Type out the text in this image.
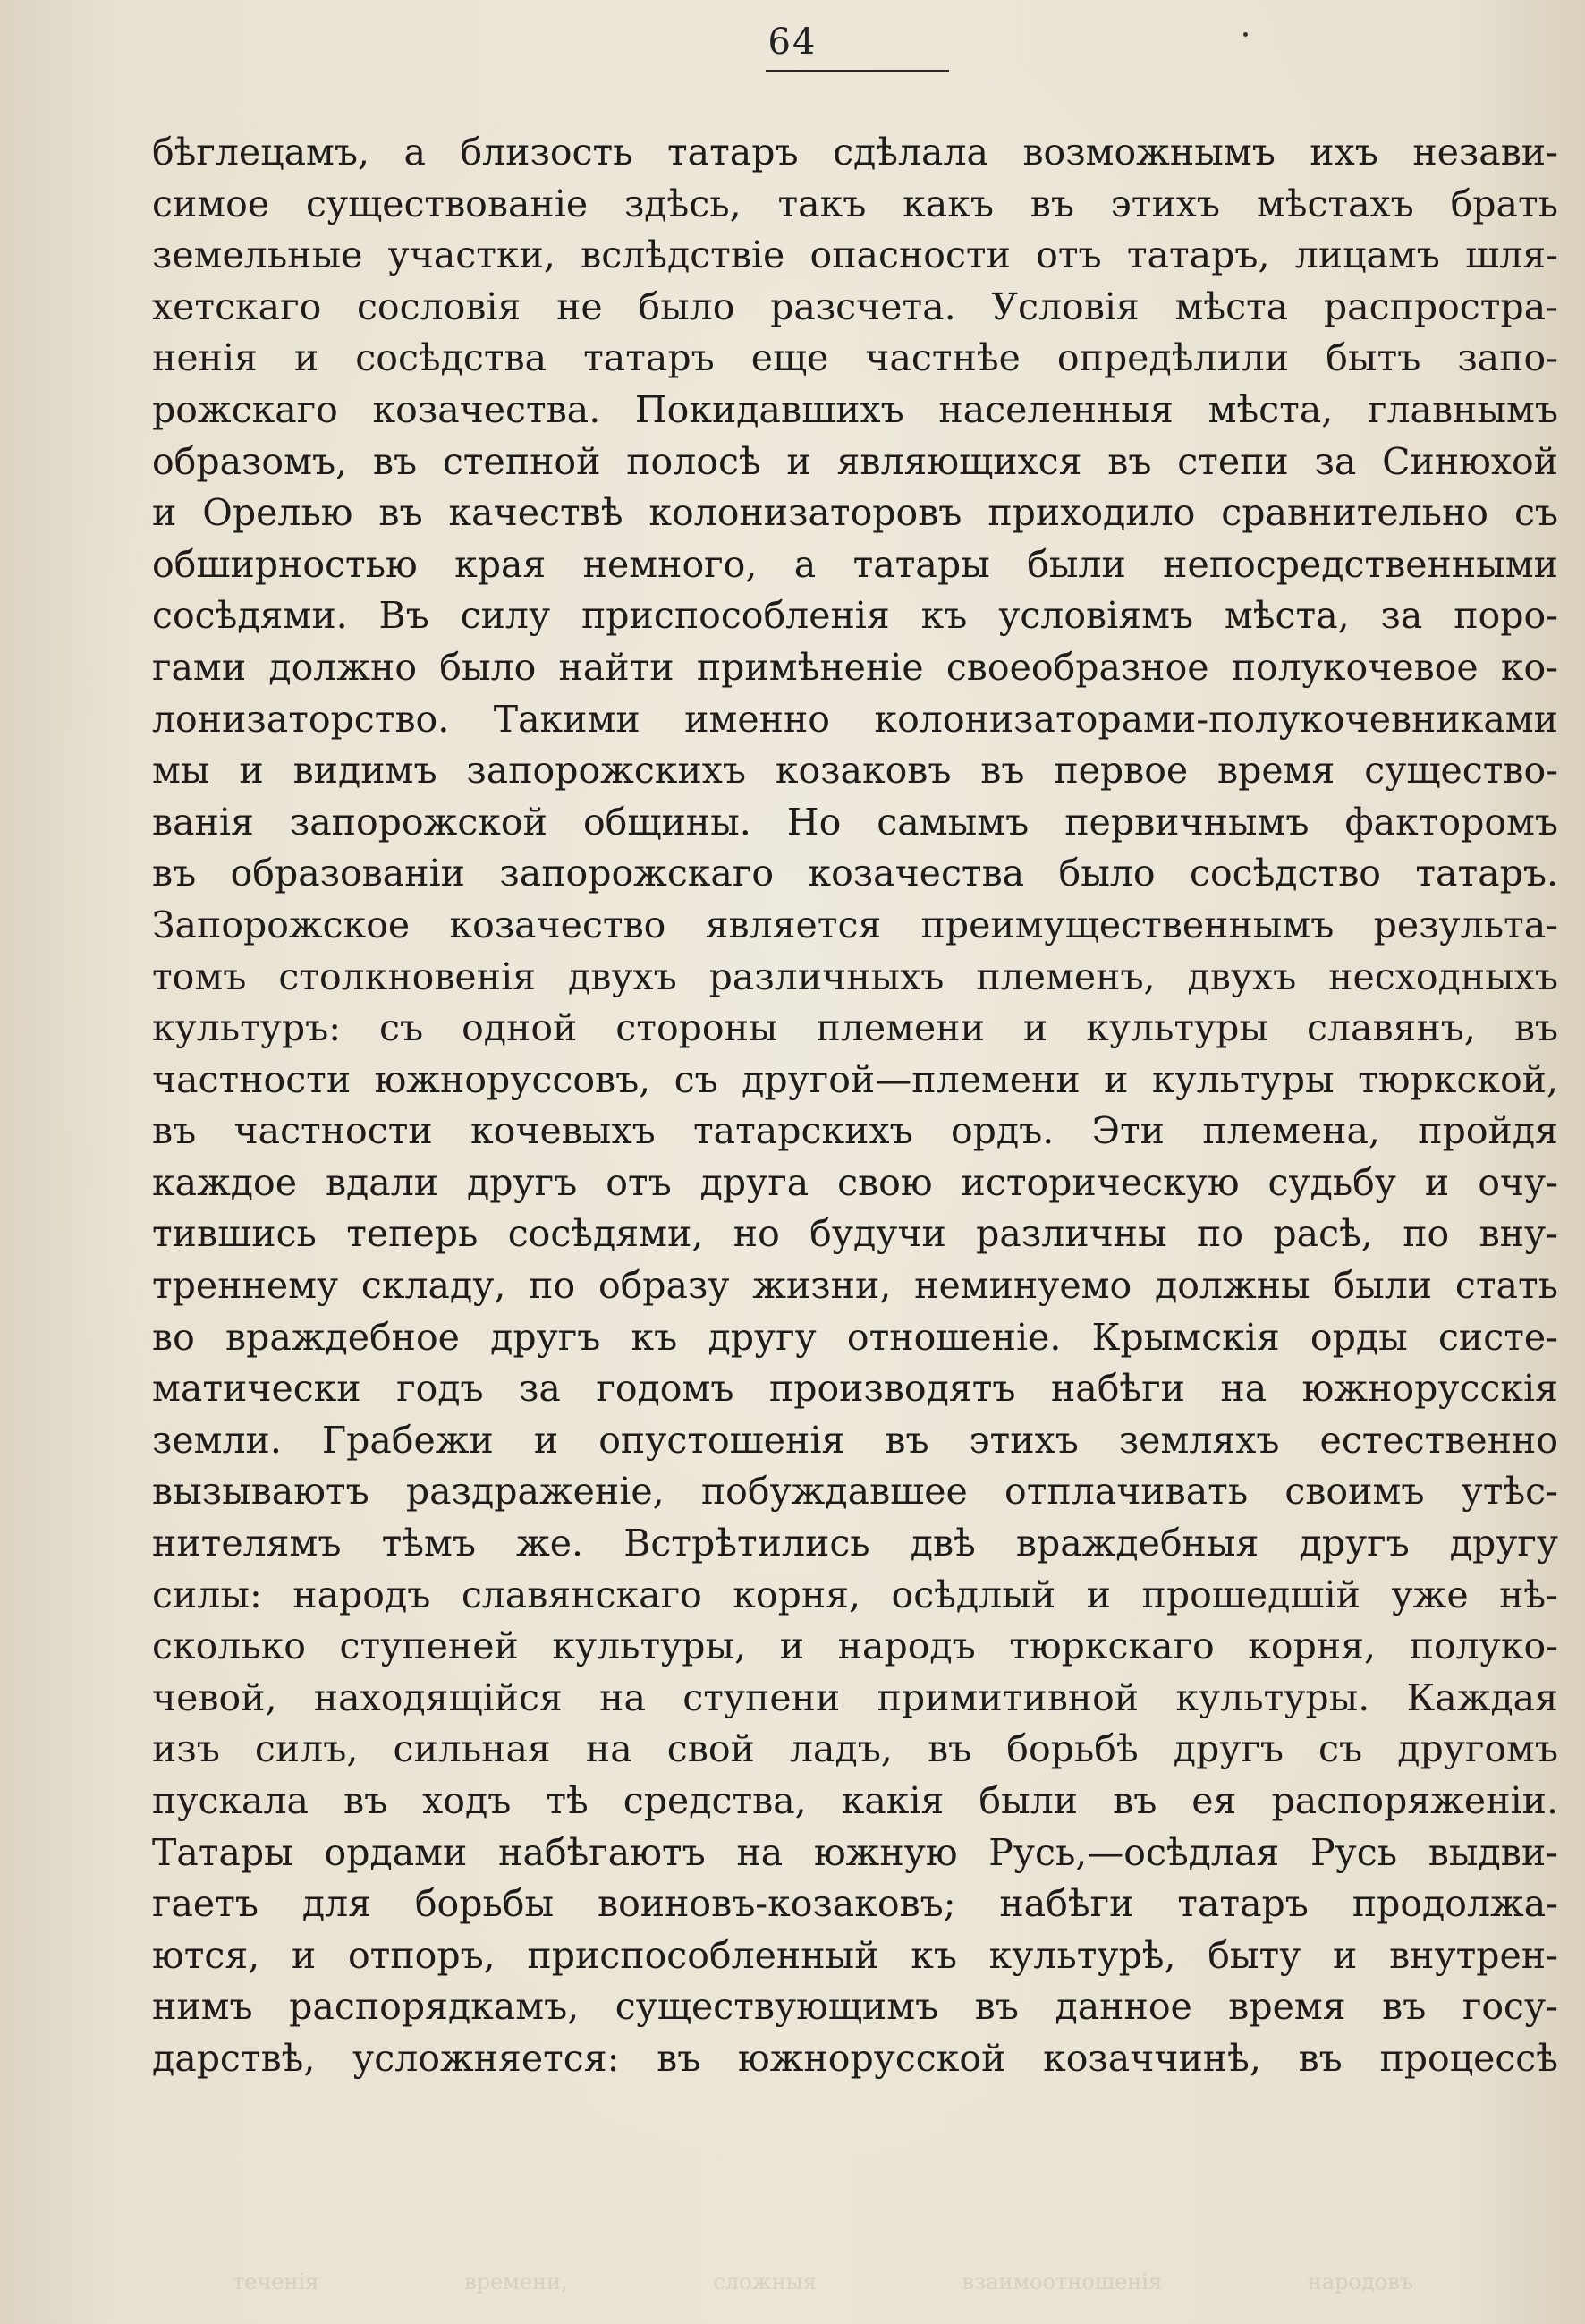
64
бѣглецамъ, а близость татаръ сдѣлала возможнымъ ихъ незави-
симое существованіе здѣсь, такъ какъ въ этихъ мѣстахъ брать
земельные участки, вслѣдствіе опасности отъ татаръ, лицамъ шля-
хетскаго сословія не было разсчета. Условія мѣста распростра-
ненія и сосѣдства татаръ еще частнѣе опредѣлили бытъ запо-
рожскаго козачества. Покидавшихъ населенныя мѣста, главнымъ
образомъ, въ степной полосѣ и являющихся въ степи за Синюхой
и Орелью въ качествѣ колонизаторовъ приходило сравнительно съ
обширностью края немного, а татары были непосредственными
сосѣдями. Въ силу приспособленія къ условіямъ мѣста, за поро-
гами должно было найти примѣненіе своеобразное полукочевое ко-
лонизаторство. Такими именно колонизаторами-полукочевниками
мы и видимъ запорожскихъ козаковъ въ первое время существо-
ванія запорожской общины. Но самымъ первичнымъ факторомъ
въ образованіи запорожскаго козачества было сосѣдство татаръ.
Запорожское козачество является преимущественнымъ результа-
томъ столкновенія двухъ различныхъ племенъ, двухъ несходныхъ
культуръ: съ одной стороны племени и культуры славянъ, въ
частности южноруссовъ, съ другой—племени и культуры тюркской,
въ частности кочевыхъ татарскихъ ордъ. Эти племена, пройдя
каждое вдали другъ отъ друга свою историческую судьбу и очу-
тившись теперь сосѣдями, но будучи различны по расѣ, по вну-
треннему складу, по образу жизни, неминуемо должны были стать
во враждебное другъ къ другу отношеніе. Крымскія орды систе-
матически годъ за годомъ производятъ набѣги на южнорусскія
земли. Грабежи и опустошенія въ этихъ земляхъ естественно
вызываютъ раздраженіе, побуждавшее отплачивать своимъ утѣс-
нителямъ тѣмъ же. Встрѣтились двѣ враждебныя другъ другу
силы: народъ славянскаго корня, осѣдлый и прошедшій уже нѣ-
сколько ступеней культуры, и народъ тюркскаго корня, полуко-
чевой, находящійся на ступени примитивной культуры. Каждая
изъ силъ, сильная на свой ладъ, въ борьбѣ другъ съ другомъ
пускала въ ходъ тѣ средства, какія были въ ея распоряженіи.
Татары ордами набѣгаютъ на южную Русь,—осѣдлая Русь выдви-
гаетъ для борьбы воиновъ-козаковъ; набѣги татаръ продолжа-
ются, и отпоръ, приспособленный къ культурѣ, быту и внутрен-
нимъ распорядкамъ, существующимъ въ данное время въ госу-
дарствѣ, усложняется: въ южнорусской козаччинѣ, въ процессѣ
теченія времени, сложныя взаимоотношенія народовъ
